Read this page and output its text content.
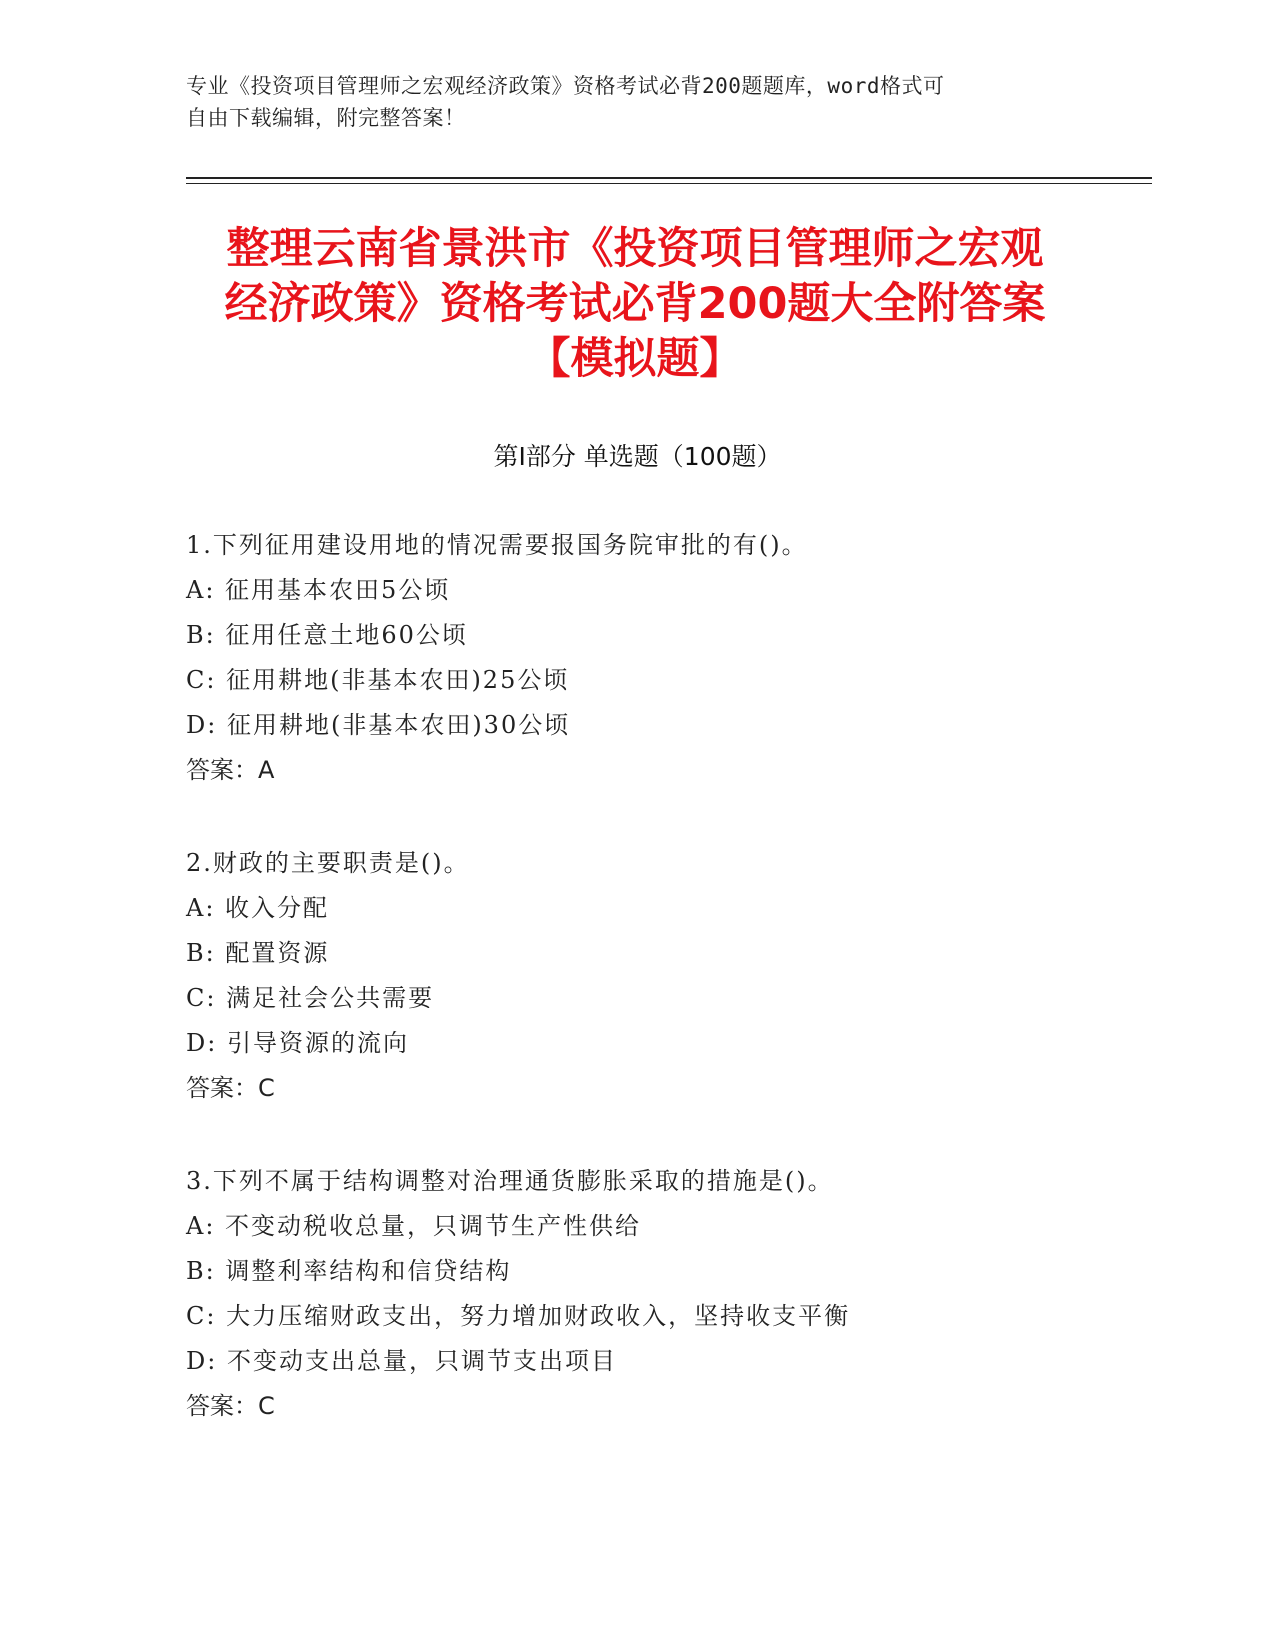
专业《投资项目管理师之宏观经济政策》资格考试必背200题题库，word格式可
自由下载编辑，附完整答案！
整理云南省景洪市《投资项目管理师之宏观
经济政策》资格考试必背200题大全附答案
【模拟题】
第Ⅰ部分 单选题（100题）
1.下列征用建设用地的情况需要报国务院审批的有()。
A: 征用基本农田5公顷
B: 征用任意土地60公顷
C: 征用耕地(非基本农田)25公顷
D: 征用耕地(非基本农田)30公顷
答案：A
2.财政的主要职责是()。
A: 收入分配
B: 配置资源
C: 满足社会公共需要
D: 引导资源的流向
答案：C
3.下列不属于结构调整对治理通货膨胀采取的措施是()。
A: 不变动税收总量，只调节生产性供给
B: 调整利率结构和信贷结构
C: 大力压缩财政支出，努力增加财政收入，坚持收支平衡
D: 不变动支出总量，只调节支出项目
答案：C
